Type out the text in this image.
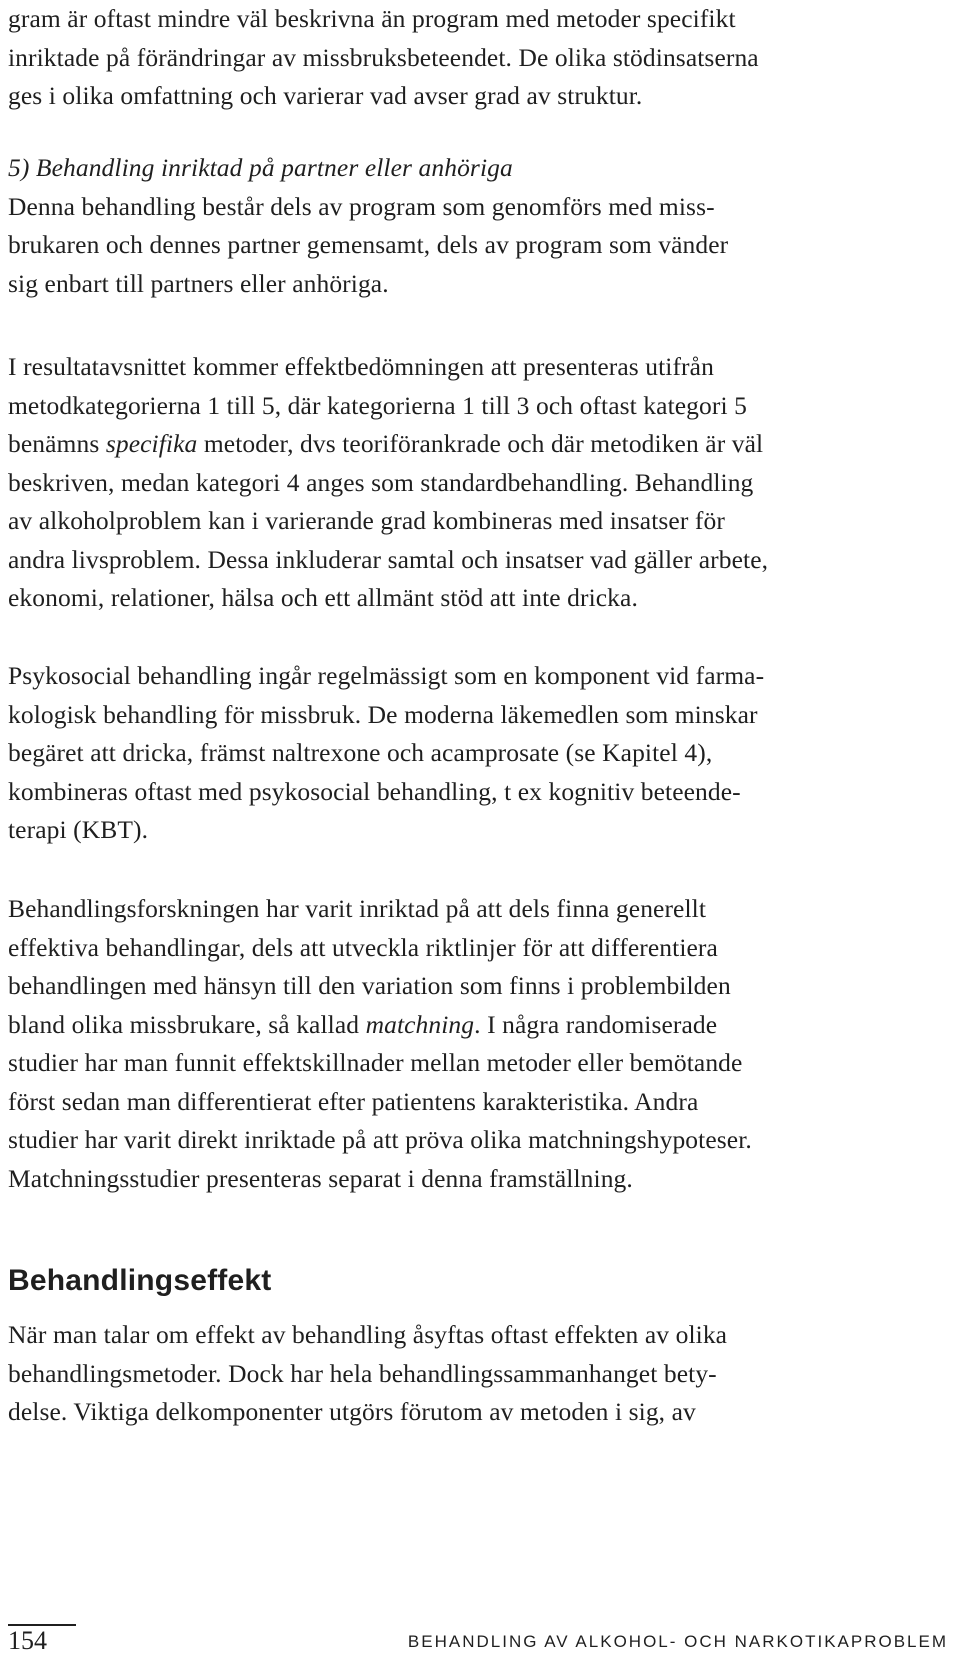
gram är oftast mindre väl beskrivna än program med metoder specifikt
inriktade på förändringar av missbruksbeteendet. De olika stödinsatserna
ges i olika omfattning och varierar vad avser grad av struktur.

5) Behandling inriktad på partner eller anhöriga
Denna behandling består dels av program som genomförs med miss-
brukaren och dennes partner gemensamt, dels av program som vänder
sig enbart till partners eller anhöriga.

I resultatavsnittet kommer effektbedömningen att presenteras utifrån
metodkategorierna 1 till 5, där kategorierna 1 till 3 och oftast kategori 5
benämns specifika metoder, dvs teoriförankrade och där metodiken är väl
beskriven, medan kategori 4 anges som standardbehandling. Behandling
av alkoholproblem kan i varierande grad kombineras med insatser för
andra livsproblem. Dessa inkluderar samtal och insatser vad gäller arbete,
ekonomi, relationer, hälsa och ett allmänt stöd att inte dricka.

Psykosocial behandling ingår regelmässigt som en komponent vid farma-
kologisk behandling för missbruk. De moderna läkemedlen som minskar
begäret att dricka, främst naltrexone och acamprosate (se Kapitel 4),
kombineras oftast med psykosocial behandling, t ex kognitiv beteende-
terapi (KBT).

Behandlingsforskningen har varit inriktad på att dels finna generellt
effektiva behandlingar, dels att utveckla riktlinjer för att differentiera
behandlingen med hänsyn till den variation som finns i problembilden
bland olika missbrukare, så kallad matchning. I några randomiserade
studier har man funnit effektskillnader mellan metoder eller bemötande
först sedan man differentierat efter patientens karakteristika. Andra
studier har varit direkt inriktade på att pröva olika matchningshypoteser.
Matchningsstudier presenteras separat i denna framställning.

Behandlingseffekt

När man talar om effekt av behandling åsyftas oftast effekten av olika
behandlingsmetoder. Dock har hela behandlingssammanhanget bety-
delse. Viktiga delkomponenter utgörs förutom av metoden i sig, av

154	BEHANDLING AV ALKOHOL- OCH NARKOTIKAPROBLEM
